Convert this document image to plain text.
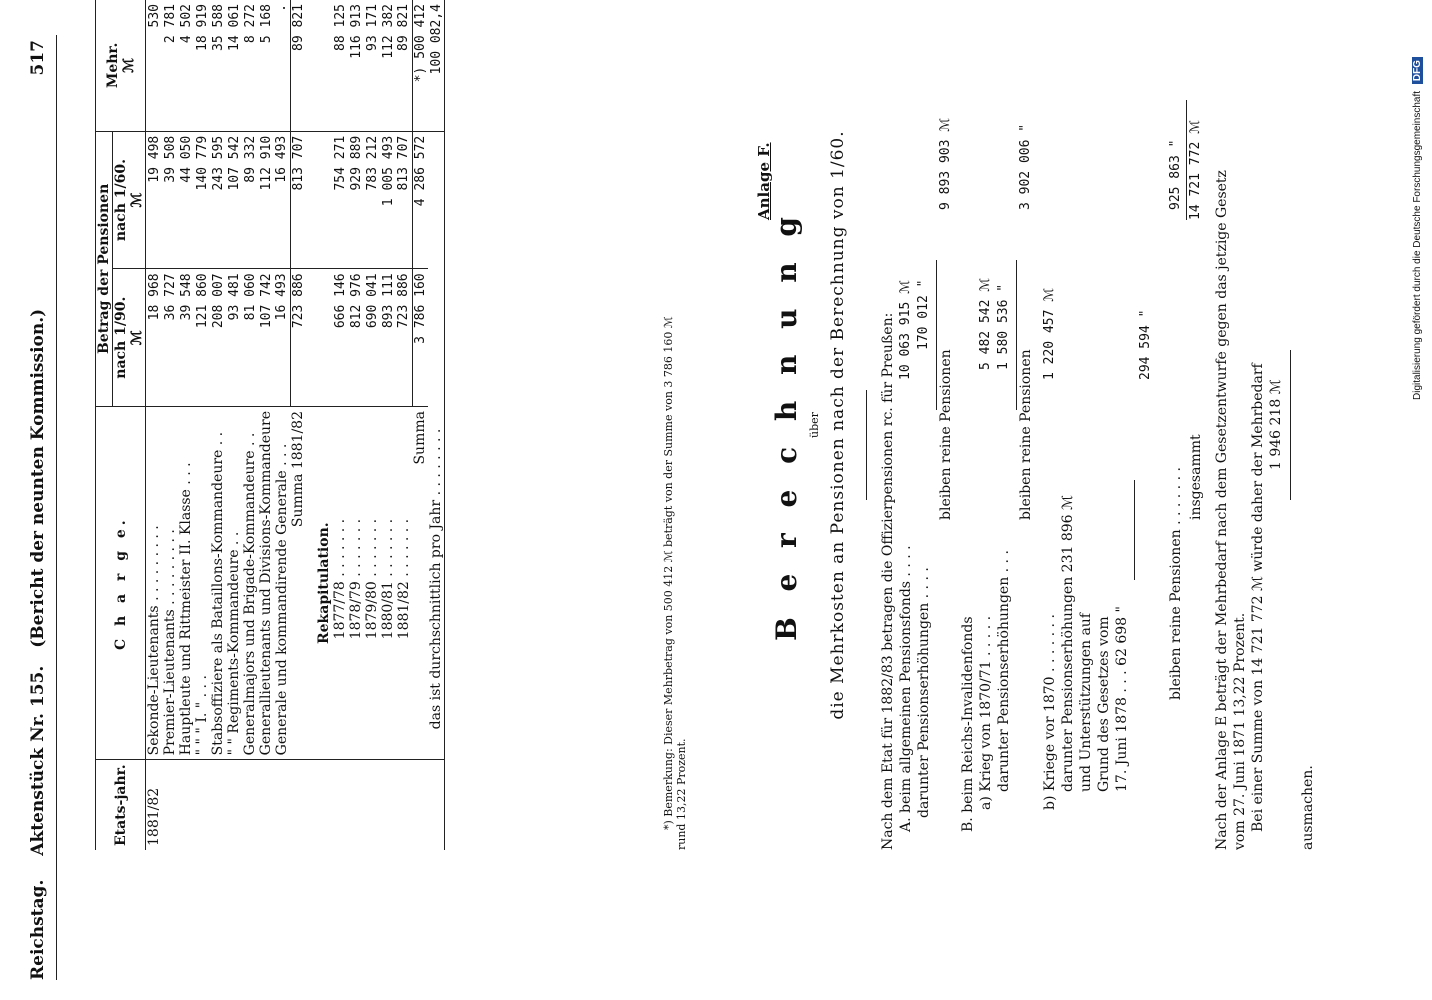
Digitalisierung gefördert durch die Deutsche Forschungsgemeinschaft DFG
Reichstag. Aktenstück Nr. 155. (Bericht der neunten Kommission.)
517
Etats-jahr.	C h a r g e.	Betrag der Pensionen		Mehr.
ℳ
		nach 1/90.
ℳ	nach 1/60.
ℳ	
1881/82	Sekonde-Lieutenants . . . . . . . . .	18 968	19 498	530
	Premier-Lieutenants . . . . . . . . .	36 727	39 508	2 781
	Hauptleute und Rittmeister II. Klasse . . .	39 548	44 050	4 502
	" " " I. " . . .	121 860	140 779	18 919
	Stabsoffiziere als Bataillons-Kommandeure . .	208 007	243 595	35 588
	" " Regiments-Kommandeure . .	93 481	107 542	14 061
	Generalmajors und Brigade-Kommandeure . .	81 060	89 332	8 272
	Generallieutenants und Divisions-Kommandeure	107 742	112 910	5 168
	Generale und kommandirende Generale . . .	16 493	16 493	.
	Summa 1881/82	723 886	813 707	89 821

	Rekapitulation.			
	1877/78 . . . . . . .	666 146	754 271	88 125
	1878/79 . . . . . . .	812 976	929 889	116 913
	1879/80 . . . . . . .	690 041	783 212	93 171
	1880/81 . . . . . . .	893 111	1 005 493	112 382
	1881/82 . . . . . . .	723 886	813 707	89 821
	Summa	3 786 160	4 286 572	*) 500 412
	das ist durchschnittlich pro Jahr . . . . . . . .			100 082,4
*) Bemerkung: Dieser Mehrbetrag von 500 412 ℳ beträgt von der Summe von 3 786 160 ℳ rund 13,22 Prozent.
Anlage F.
B e r e c h n u n g über die Mehrkosten an Pensionen nach der Berechnung von 1/60. Nach dem Etat für 1882/83 betragen die Offizierpensionen rc. für Preußen: A. beim allgemeinen Pensionsfonds . . . .
10 063 915 ℳ
darunter Pensionserhöhungen . . . .
170 012 "
bleiben reine Pensionen
9 893 903 ℳ
B. beim Reichs-Invalidenfonds a) Krieg von 1870/71 . . . . .
5 482 542 ℳ
darunter Pensionserhöhungen . . .
1 580 536 "
bleiben reine Pensionen
3 902 006 "
b) Kriege vor 1870 . . . . . . .
1 220 457 ℳ
darunter Pensionserhöhungen 231 896 ℳ und Unterstützungen auf Grund des Gesetzes vom 17. Juni 1878 . . . 62 698 "
294 594 "
bleiben reine Pensionen . . . . . . .
925 863 "
insgesammt
14 721 772 ℳ
Nach der Anlage E beträgt der Mehrbedarf nach dem Gesetzentwurfe gegen das jetzige Gesetz vom 27. Juni 1871 13,22 Prozent. Bei einer Summe von 14 721 772 ℳ würde daher der Mehrbedarf 1 946 218 ℳ
ausmachen.
